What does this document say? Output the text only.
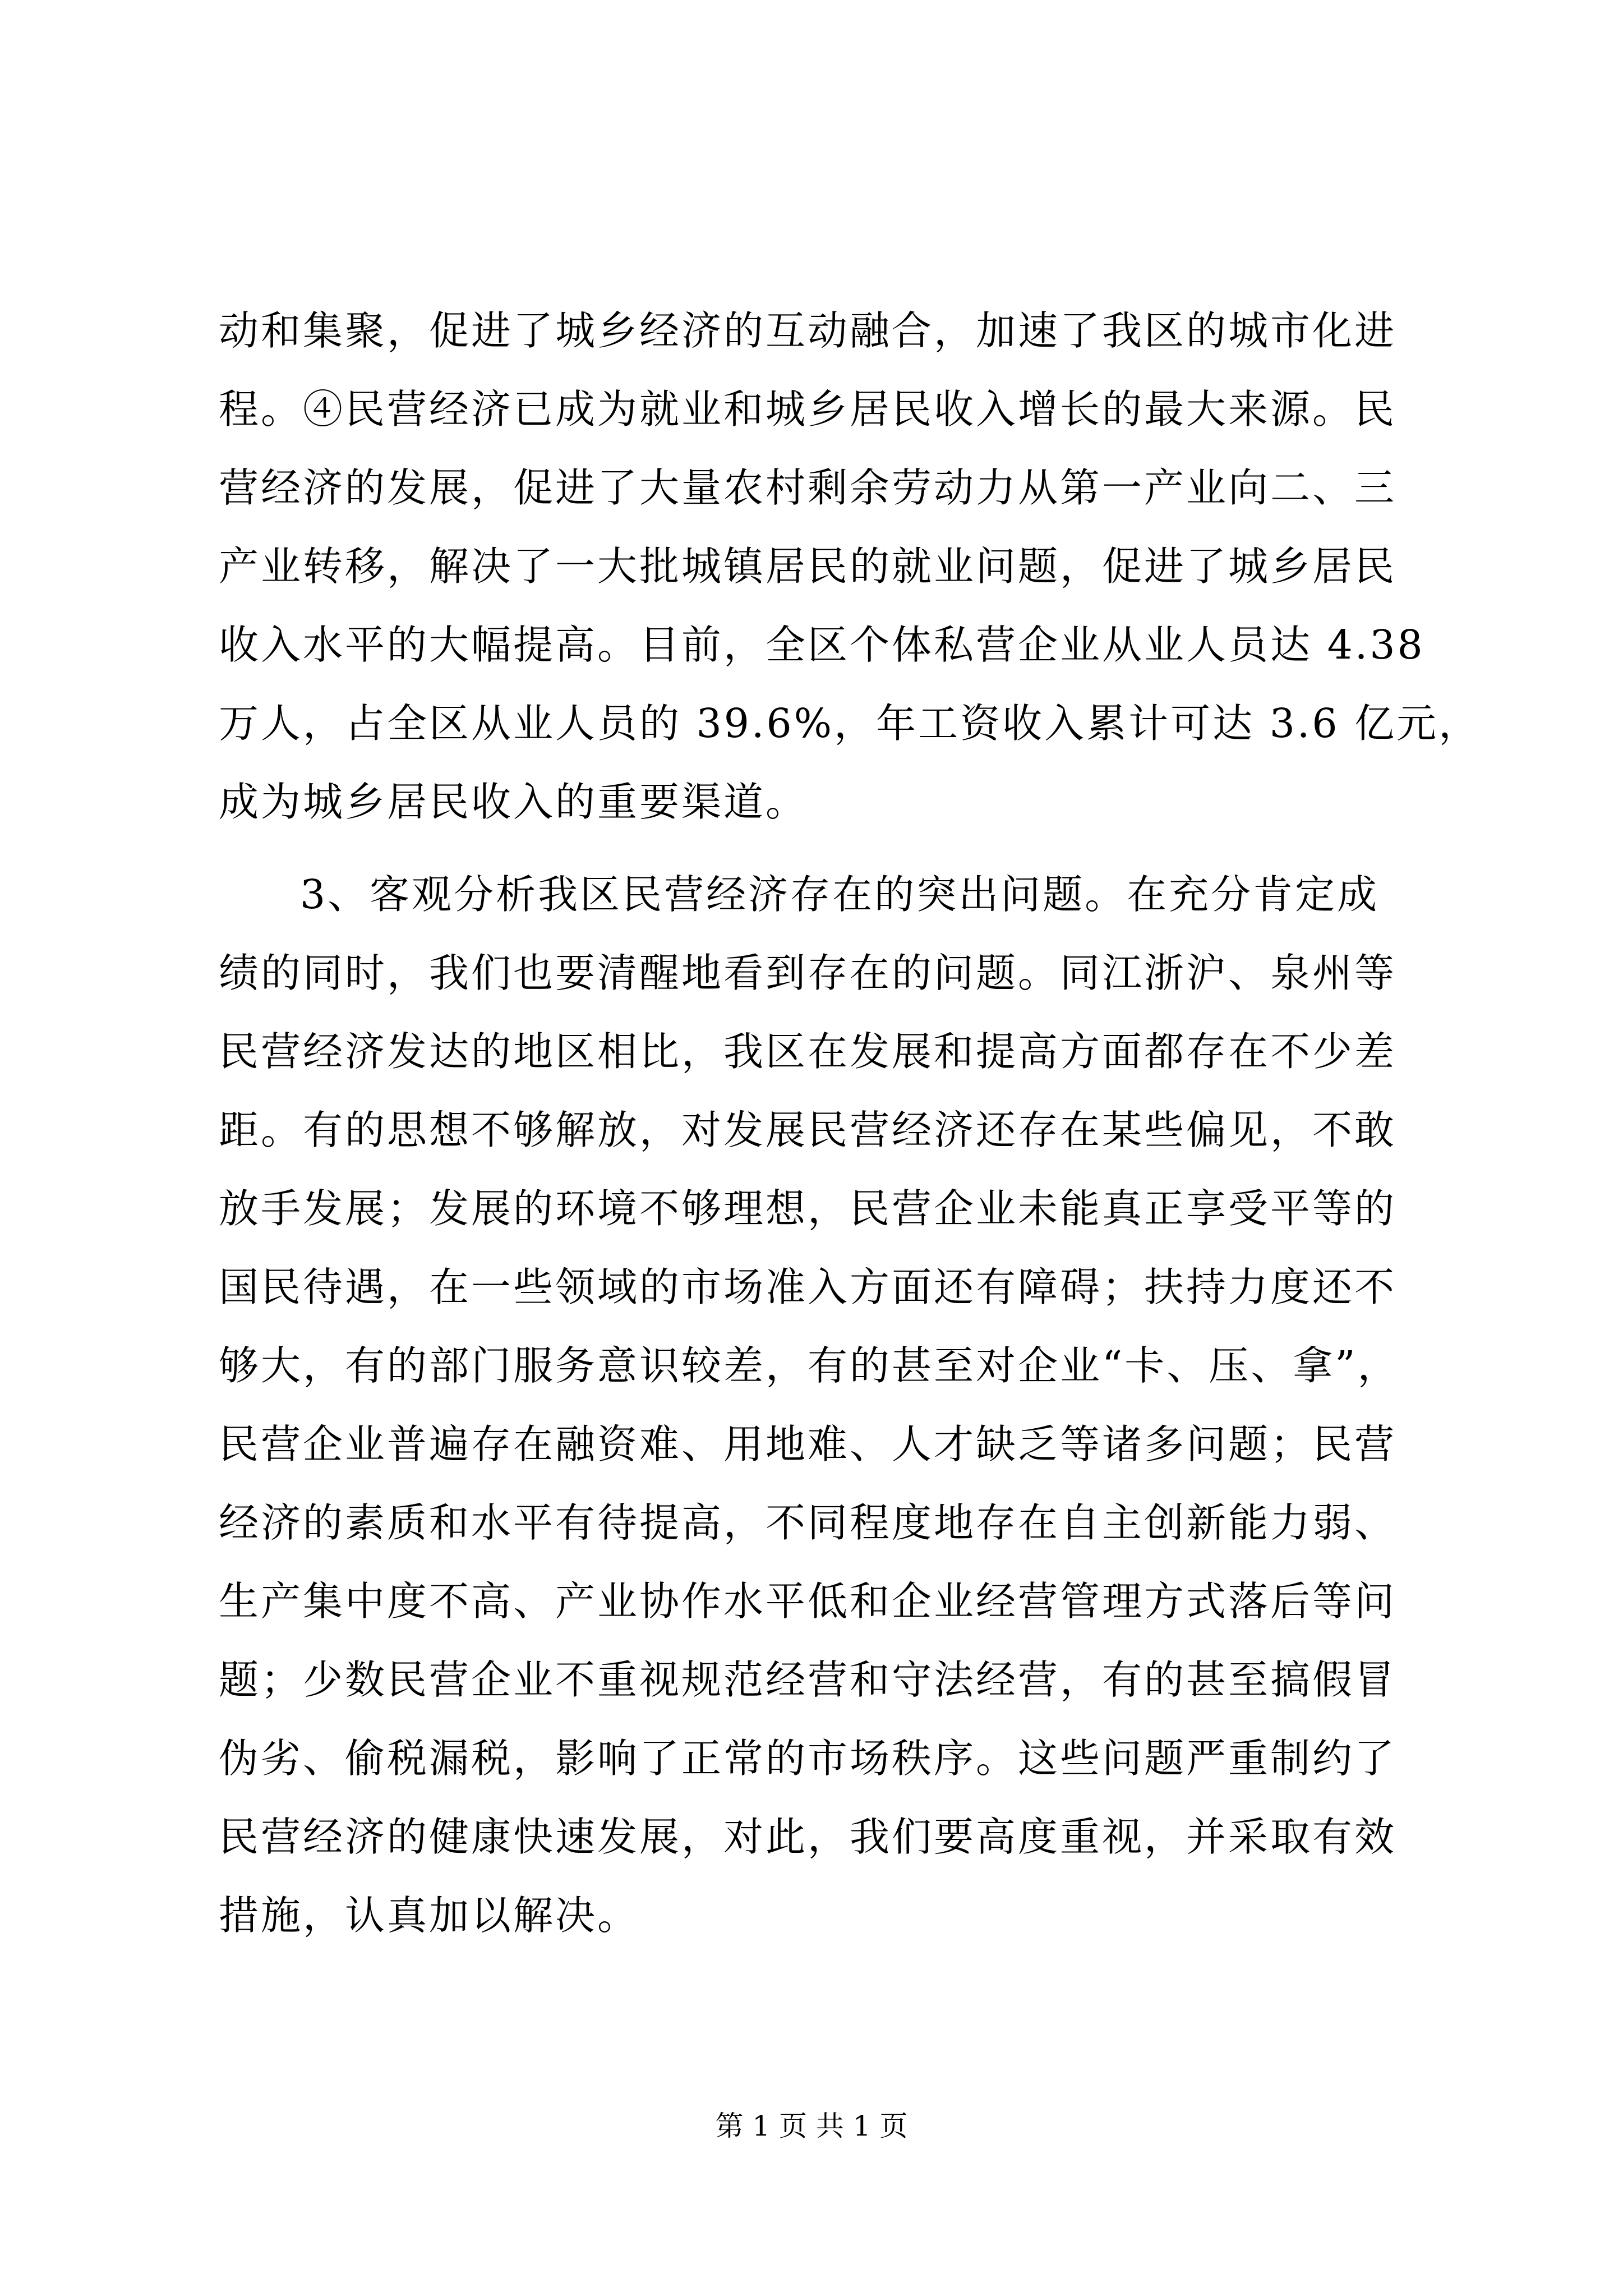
动和集聚，促进了城乡经济的互动融合，加速了我区的城市化进
程。④民营经济已成为就业和城乡居民收入增长的最大来源。民
营经济的发展，促进了大量农村剩余劳动力从第一产业向二、三
产业转移，解决了一大批城镇居民的就业问题，促进了城乡居民
收入水平的大幅提高。目前，全区个体私营企业从业人员达 4.38
万人，占全区从业人员的 39.6%，年工资收入累计可达 3.6 亿元，
成为城乡居民收入的重要渠道。
3、客观分析我区民营经济存在的突出问题。在充分肯定成
绩的同时，我们也要清醒地看到存在的问题。同江浙沪、泉州等
民营经济发达的地区相比，我区在发展和提高方面都存在不少差
距。有的思想不够解放，对发展民营经济还存在某些偏见，不敢
放手发展；发展的环境不够理想，民营企业未能真正享受平等的
国民待遇，在一些领域的市场准入方面还有障碍；扶持力度还不
够大，有的部门服务意识较差，有的甚至对企业“卡、压、拿”，
民营企业普遍存在融资难、用地难、人才缺乏等诸多问题；民营
经济的素质和水平有待提高，不同程度地存在自主创新能力弱、
生产集中度不高、产业协作水平低和企业经营管理方式落后等问
题；少数民营企业不重视规范经营和守法经营，有的甚至搞假冒
伪劣、偷税漏税，影响了正常的市场秩序。这些问题严重制约了
民营经济的健康快速发展，对此，我们要高度重视，并采取有效
措施，认真加以解决。
第 1 页 共 1 页
